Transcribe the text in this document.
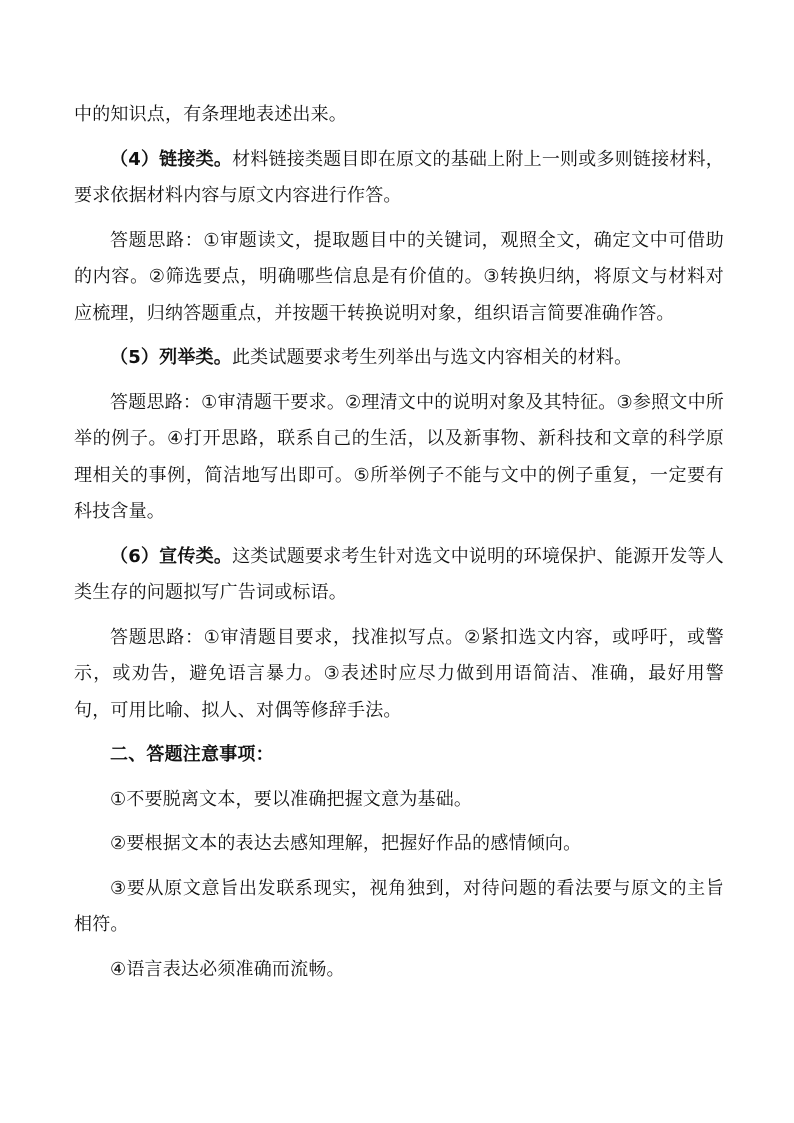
中的知识点，有条理地表述出来。

（4）链接类。材料链接类题目即在原文的基础上附上一则或多则链接材料，要求依据材料内容与原文内容进行作答。

答题思路：①审题读文，提取题目中的关键词，观照全文，确定文中可借助的内容。②筛选要点，明确哪些信息是有价值的。③转换归纳，将原文与材料对应梳理，归纳答题重点，并按题干转换说明对象，组织语言简要准确作答。

（5）列举类。此类试题要求考生列举出与选文内容相关的材料。

答题思路：①审清题干要求。②理清文中的说明对象及其特征。③参照文中所举的例子。④打开思路，联系自己的生活，以及新事物、新科技和文章的科学原理相关的事例，简洁地写出即可。⑤所举例子不能与文中的例子重复，一定要有科技含量。

（6）宣传类。这类试题要求考生针对选文中说明的环境保护、能源开发等人类生存的问题拟写广告词或标语。

答题思路：①审清题目要求，找准拟写点。②紧扣选文内容，或呼吁，或警示，或劝告，避免语言暴力。③表述时应尽力做到用语简洁、准确，最好用警句，可用比喻、拟人、对偶等修辞手法。

二、答题注意事项：

①不要脱离文本，要以准确把握文意为基础。

②要根据文本的表达去感知理解，把握好作品的感情倾向。

③要从原文意旨出发联系现实，视角独到，对待问题的看法要与原文的主旨相符。

④语言表达必须准确而流畅。
